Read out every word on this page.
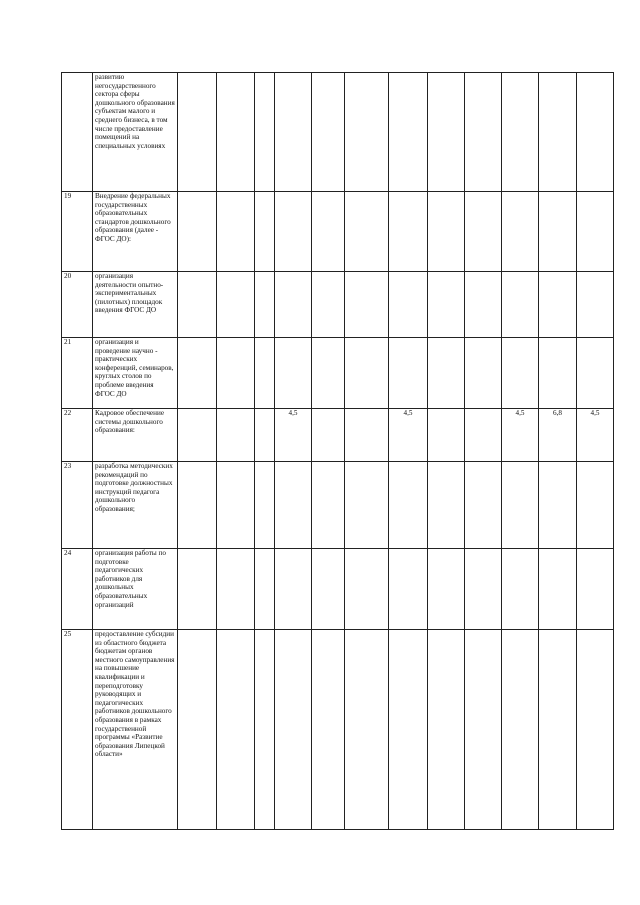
	развитию негосударственного сектора сферы дошкольного образования субъектам малого и среднего бизнеса, в том числе предоставление помещений на специальных условиях												
19	Внедрение федеральных государственных образовательных стандартов дошкольного образования (далее - ФГОС ДО):												
20	организация деятельности опытно-экспериментальных (пилотных) площадок введения ФГОС ДО												
21	организация и проведение научно - практических конференций, семинаров, круглых столов по проблеме введения ФГОС ДО												
22	Кадровое обеспечение системы дошкольного образования:				4,5			4,5			4,5	6,8	4,5
23	разработка методических рекомендаций по подготовке должностных инструкций педагога дошкольного образования;												
24	организация работы по подготовке педагогических работников для дошкольных образовательных организаций												
25	предоставление субсидии из областного бюджета бюджетам органов местного самоуправления на повышение квалификации и переподготовку руководящих и педагогических работников дошкольного образования в рамках государственной программы «Развитие образования Липецкой области»												
